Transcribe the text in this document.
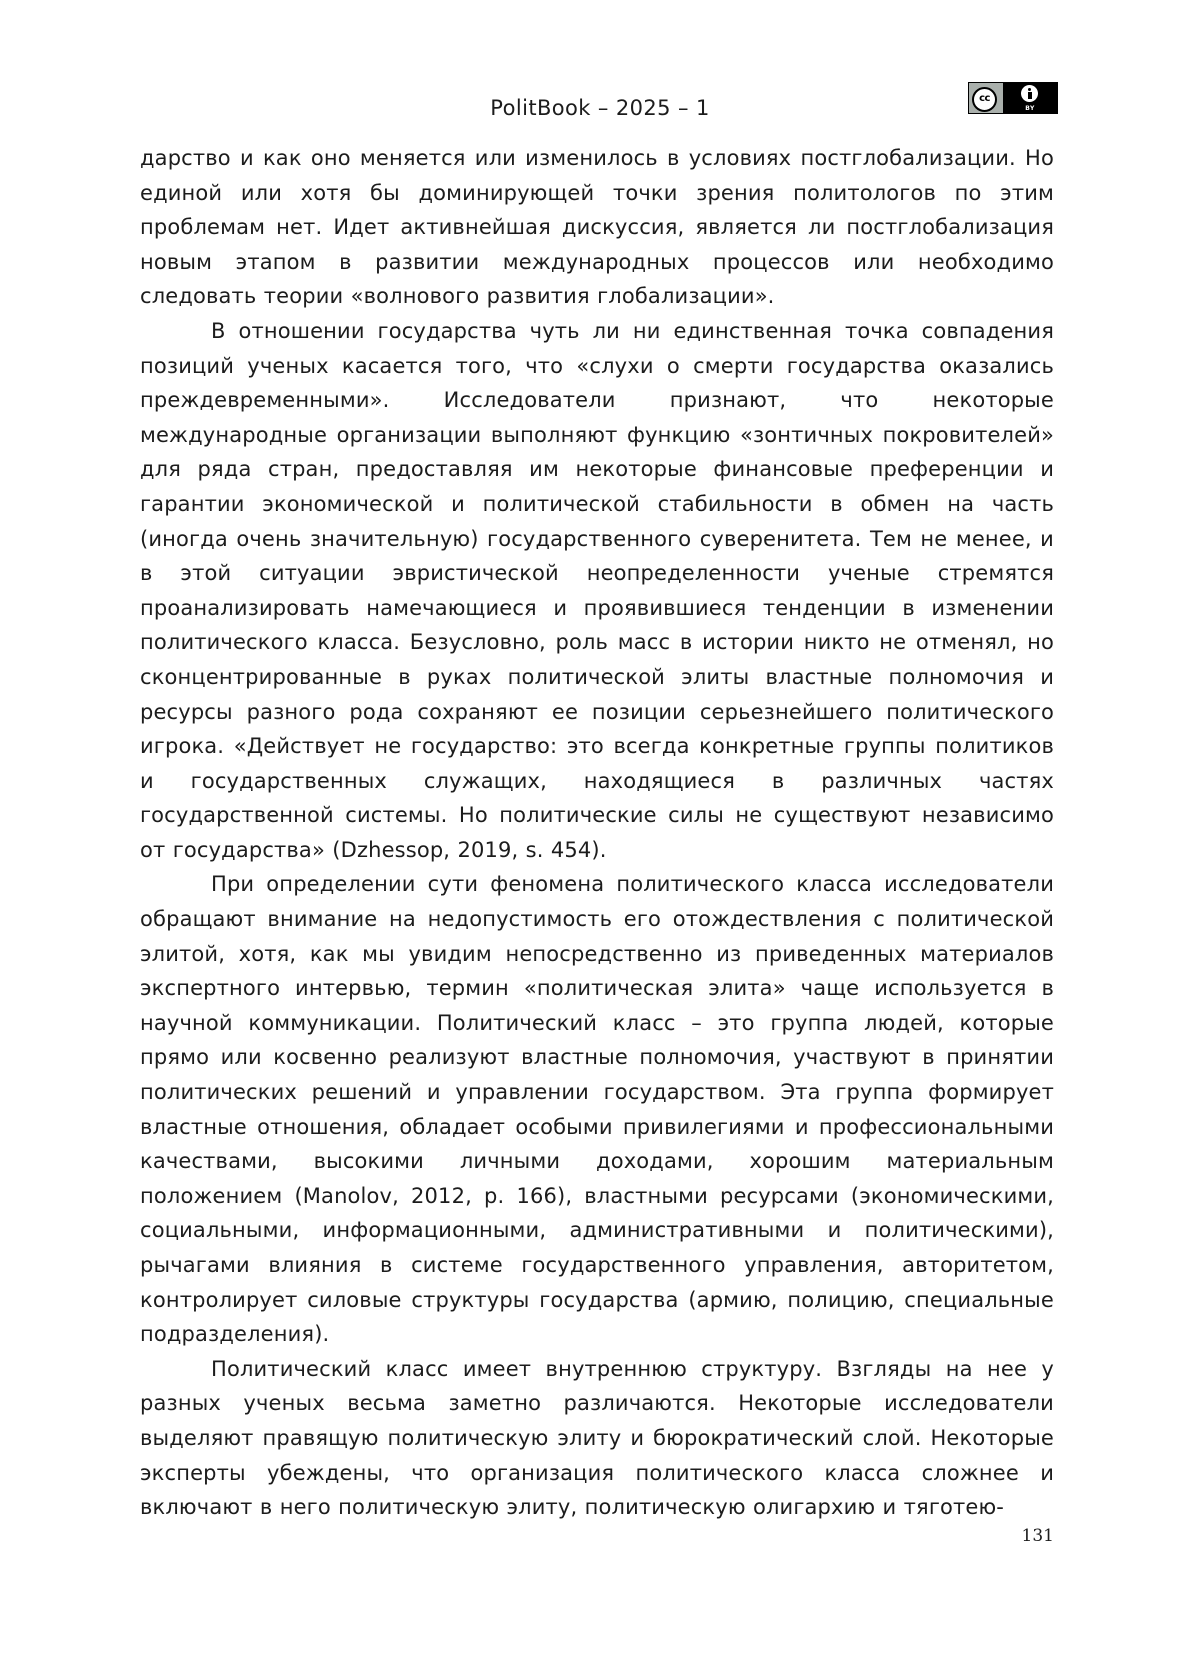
PolitBook – 2025 – 1	cc
BY

дарство и как оно меняется или изменилось в условиях постглобализации. Но единой или хотя бы доминирующей точки зрения политологов по этим проблемам нет. Идет активнейшая дискуссия, является ли постглобализация новым этапом в развитии международных процессов или необходимо следовать теории «волнового развития глобализации».

В отношении государства чуть ли ни единственная точка совпадения позиций ученых касается того, что «слухи о смерти государства оказались преждевременными». Исследователи признают, что некоторые международные организации выполняют функцию «зонтичных покровителей» для ряда стран, предоставляя им некоторые финансовые преференции и гарантии экономической и политической стабильности в обмен на часть (иногда очень значительную) государственного суверенитета. Тем не менее, и в этой ситуации эвристической неопределенности ученые стремятся проанализировать намечающиеся и проявившиеся тенденции в изменении политического класса. Безусловно, роль масс в истории никто не отменял, но сконцентрированные в руках политической элиты властные полномочия и ресурсы разного рода сохраняют ее позиции серьезнейшего политического игрока. «Действует не государство: это всегда конкретные группы политиков и государственных служащих, находящиеся в различных частях государственной системы. Но политические силы не существуют независимо от государства» (Dzhessop, 2019, s. 454).

При определении сути феномена политического класса исследователи обращают внимание на недопустимость его отождествления с политической элитой, хотя, как мы увидим непосредственно из приведенных материалов экспертного интервью, термин «политическая элита» чаще используется в научной коммуникации. Политический класс – это группа людей, которые прямо или косвенно реализуют властные полномочия, участвуют в принятии политических решений и управлении государством. Эта группа формирует властные отношения, обладает особыми привилегиями и профессиональными качествами, высокими личными доходами, хорошим материальным положением (Manolov, 2012, p. 166), властными ресурсами (экономическими, социальными, информационными, административными и политическими), рычагами влияния в системе государственного управления, авторитетом, контролирует силовые структуры государства (армию, полицию, специальные подразделения).

Политический класс имеет внутреннюю структуру. Взгляды на нее у разных ученых весьма заметно различаются. Некоторые исследователи выделяют правящую политическую элиту и бюрократический слой. Некоторые эксперты убеждены, что организация политического класса сложнее и включают в него политическую элиту, политическую олигархию и тяготею-

131
